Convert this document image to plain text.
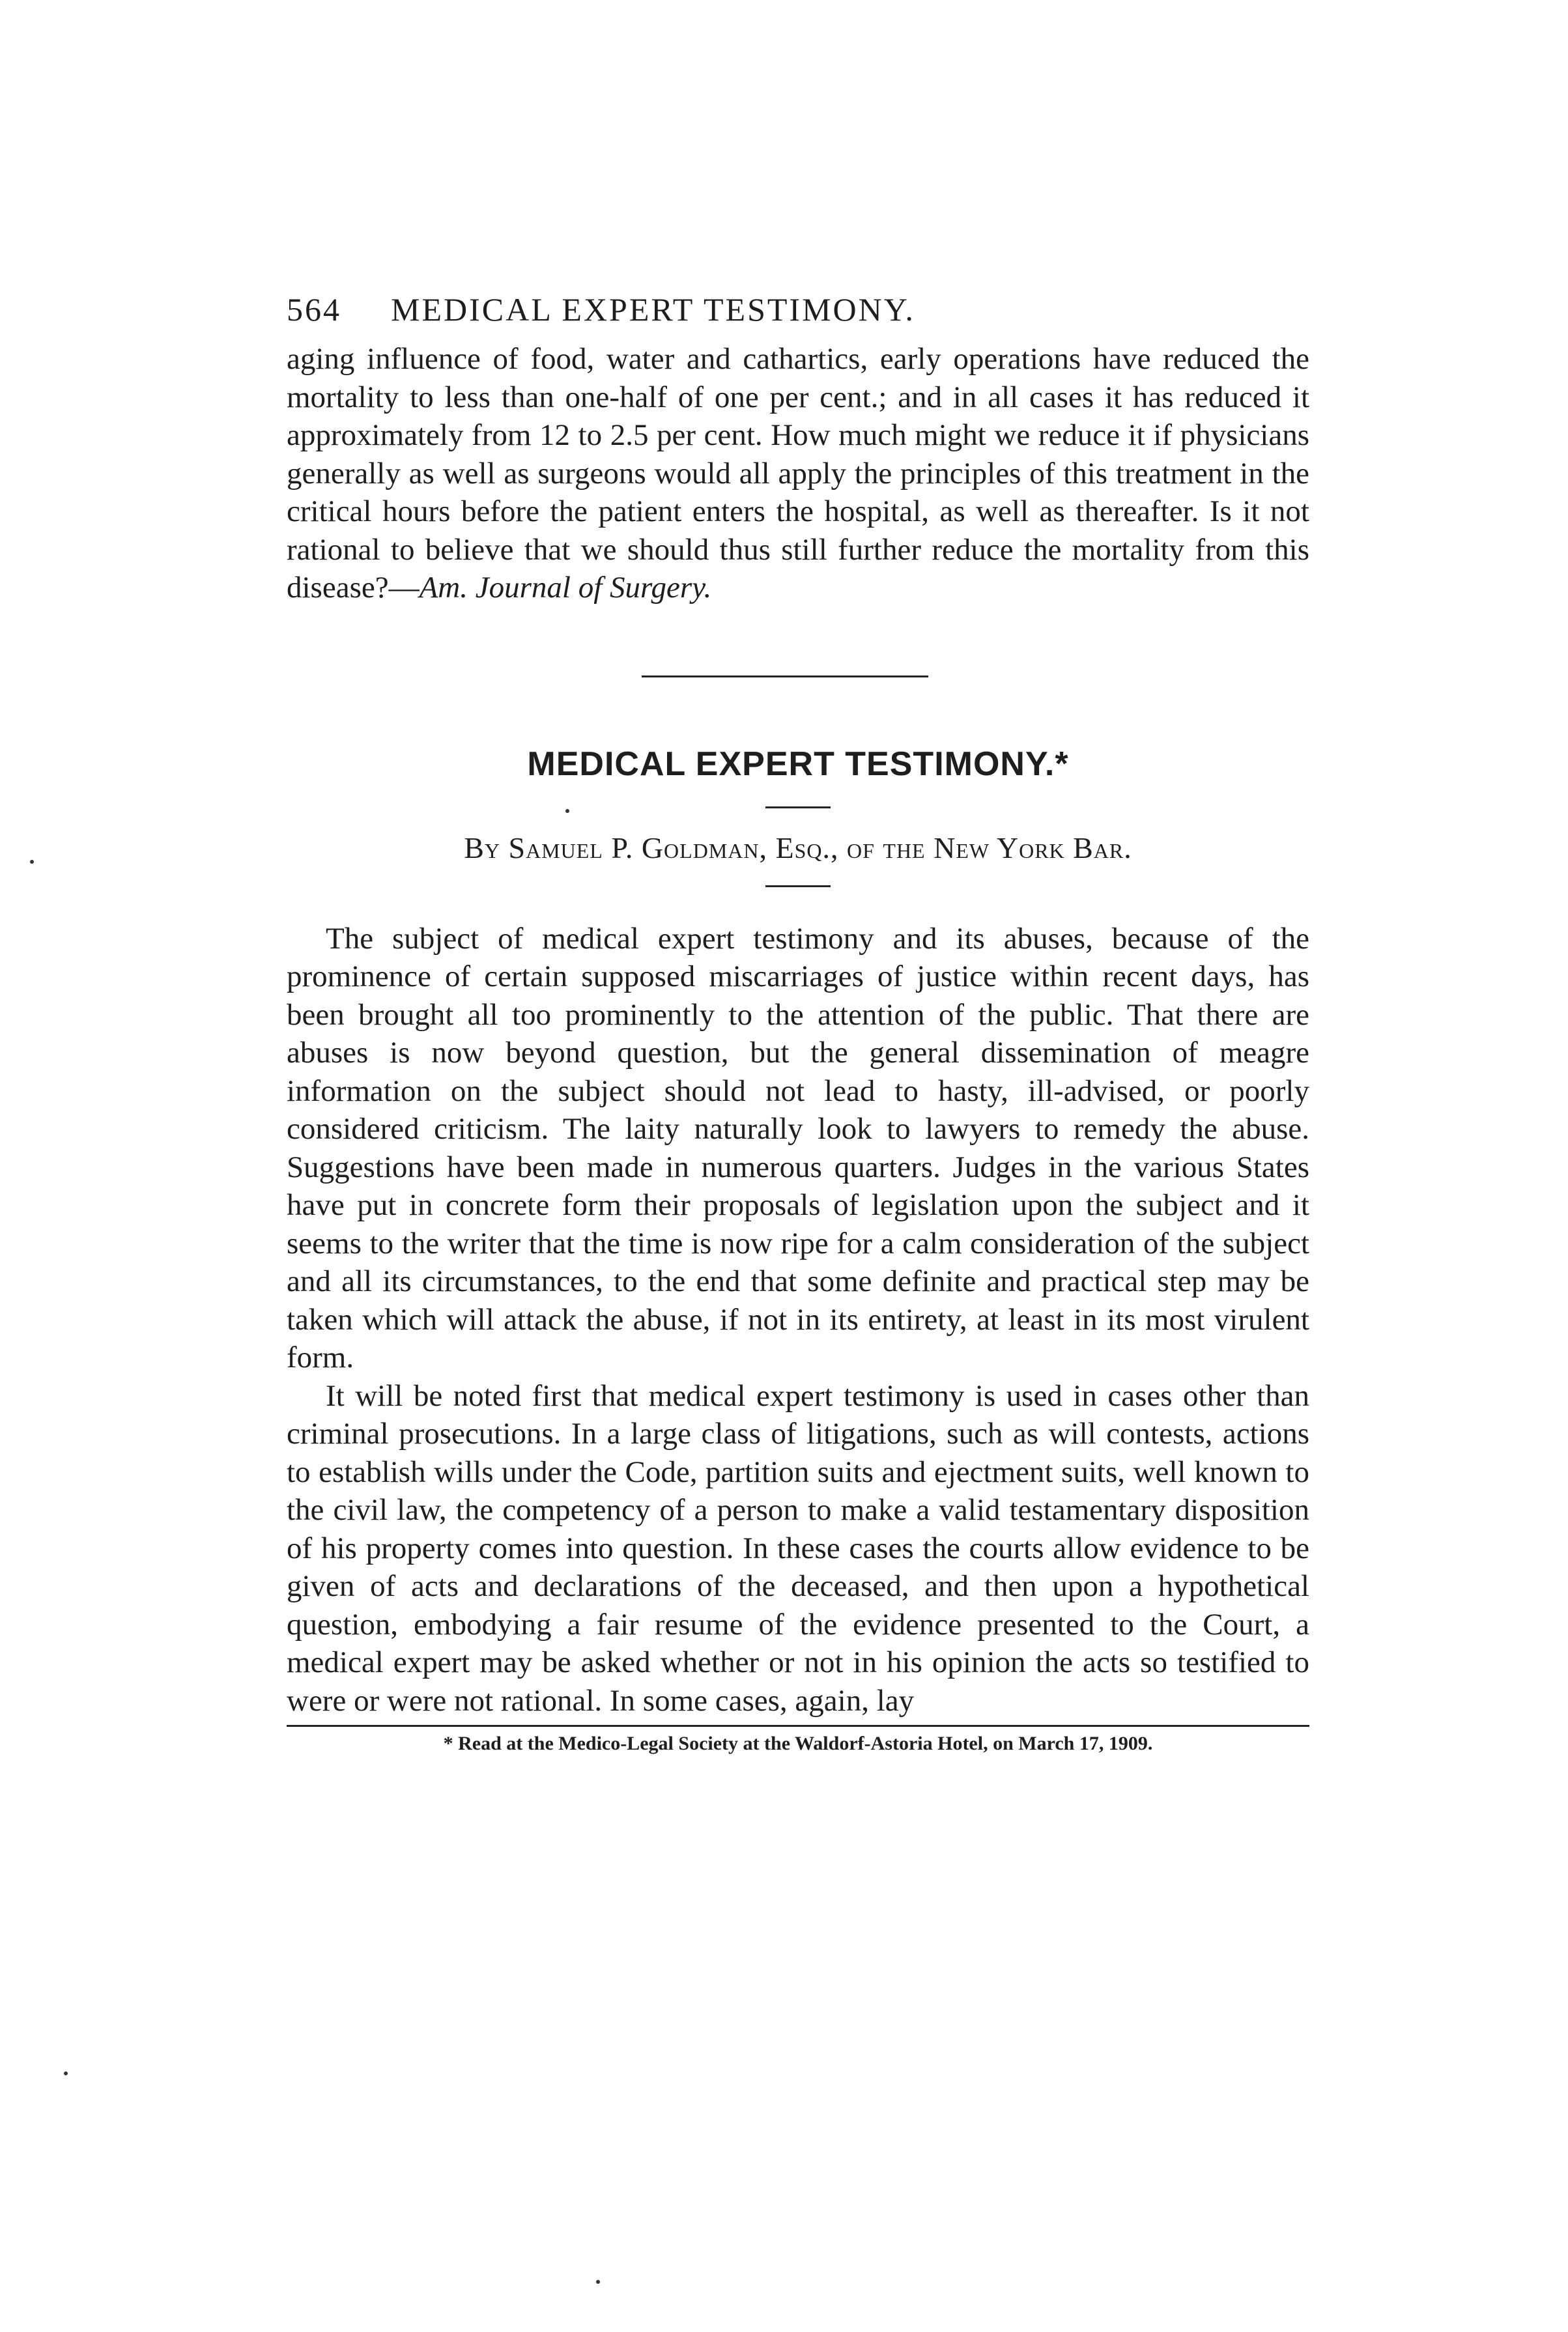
564	MEDICAL EXPERT TESTIMONY.

aging influence of food, water and cathartics, early operations have reduced the mortality to less than one-half of one per cent.; and in all cases it has reduced it approximately from 12 to 2.5 per cent. How much might we reduce it if physicians generally as well as surgeons would all apply the principles of this treatment in the critical hours before the patient enters the hospital, as well as thereafter. Is it not rational to believe that we should thus still further reduce the mortality from this disease?—Am. Journal of Surgery.

MEDICAL EXPERT TESTIMONY.*
By Samuel P. Goldman, Esq., of the New York Bar.

The subject of medical expert testimony and its abuses, because of the prominence of certain supposed miscarriages of justice within recent days, has been brought all too prominently to the attention of the public. That there are abuses is now beyond question, but the general dissemination of meagre information on the subject should not lead to hasty, ill-advised, or poorly considered criticism. The laity naturally look to lawyers to remedy the abuse. Suggestions have been made in numerous quarters. Judges in the various States have put in concrete form their proposals of legislation upon the subject and it seems to the writer that the time is now ripe for a calm consideration of the subject and all its circumstances, to the end that some definite and practical step may be taken which will attack the abuse, if not in its entirety, at least in its most virulent form.

It will be noted first that medical expert testimony is used in cases other than criminal prosecutions. In a large class of litigations, such as will contests, actions to establish wills under the Code, partition suits and ejectment suits, well known to the civil law, the competency of a person to make a valid testamentary disposition of his property comes into question. In these cases the courts allow evidence to be given of acts and declarations of the deceased, and then upon a hypothetical question, embodying a fair resume of the evidence presented to the Court, a medical expert may be asked whether or not in his opinion the acts so testified to were or were not rational. In some cases, again, lay

* Read at the Medico-Legal Society at the Waldorf-Astoria Hotel, on March 17, 1909.
